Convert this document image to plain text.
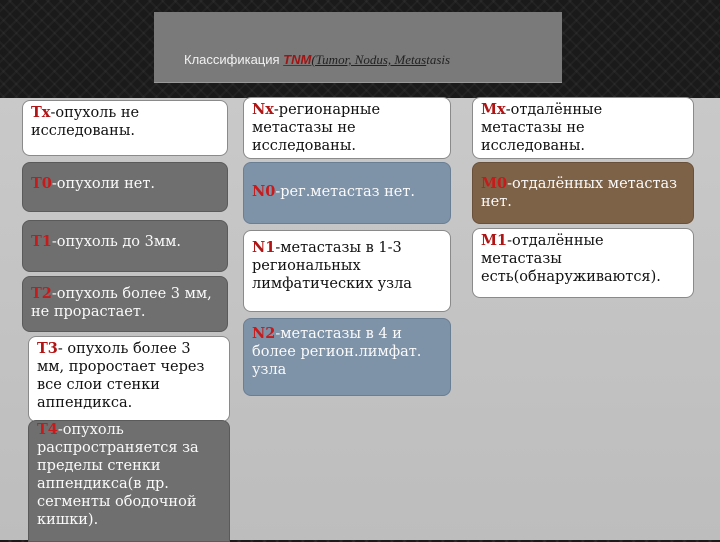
Классификация TNM(Tumor, Nodus, Metastasis
Tx-опухоль не исследованы.
T0-опухоли нет.
T1-опухоль до 3мм.
T2-опухоль более 3 мм, не прорастает.
T3- опухоль более 3 мм, проростает через все слои стенки аппендикса.
T4-опухоль распространяется за пределы стенки аппендикса(в др. сегменты ободочной кишки).
Nx-регионарные метастазы не исследованы.
N0-рег.метастаз нет.
N1-метастазы в 1-3 региональных лимфатических узла
N2-метастазы в 4 и более регион.лимфат. узла
Mx-отдалённые метастазы не исследованы.
M0-отдалённых метастаз нет.
M1-отдалённые метастазы есть(обнаруживаются).
